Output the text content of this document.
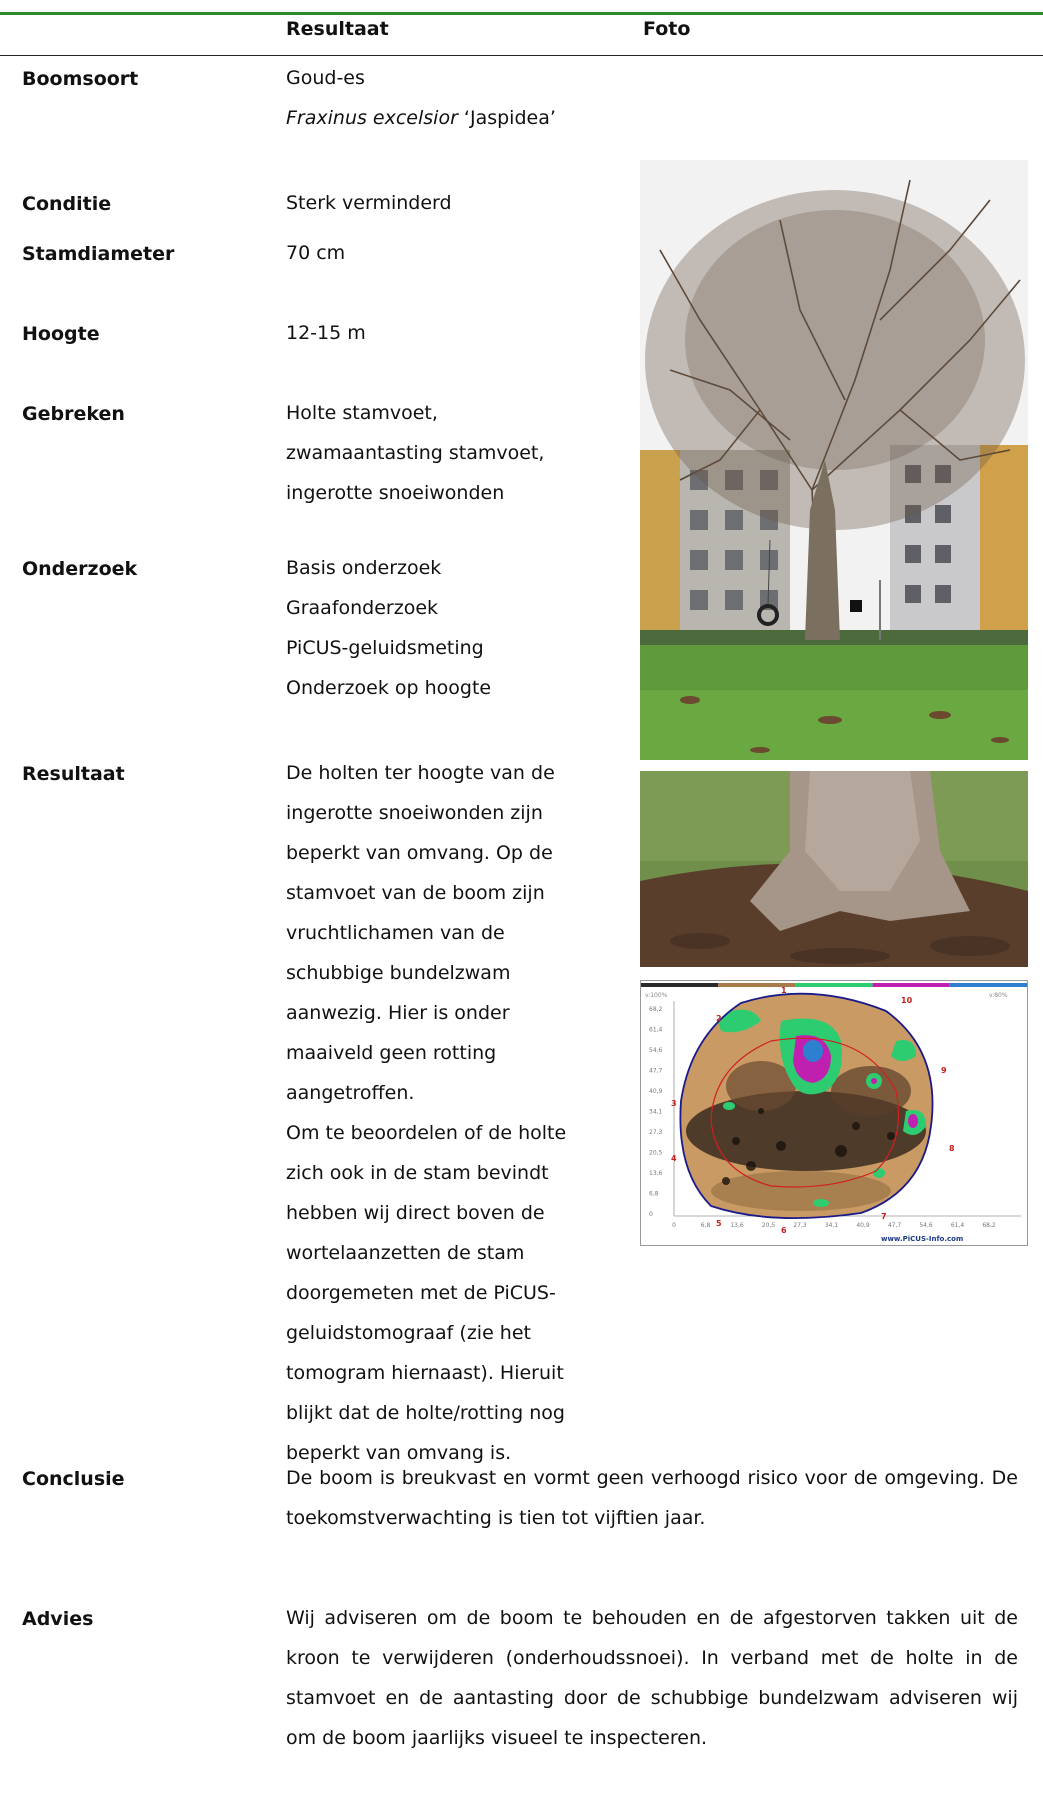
Resultaat	Foto
Boomsoort	Goud-es
Fraxinus excelsior ‘Jaspidea’
Conditie	Sterk verminderd
Stamdiameter	70 cm
Hoogte	12-15 m
Gebreken	Holte stamvoet,
zwamaantasting stamvoet,
ingerotte snoeiwonden
Onderzoek	Basis onderzoek
Graafonderzoek
PiCUS-geluidsmeting
Onderzoek op hoogte
Resultaat	De holten ter hoogte van de
ingerotte snoeiwonden zijn
beperkt van omvang. Op de
stamvoet van de boom zijn
vruchtlichamen van de
schubbige bundelzwam
aanwezig. Hier is onder
maaiveld geen rotting
aangetroffen.
Om te beoordelen of de holte
zich ook in de stam bevindt
hebben wij direct boven de
wortelaanzetten de stam
doorgemeten met de PiCUS-
geluidstomograaf (zie het
tomogram hiernaast). Hieruit
blijkt dat de holte/rotting nog
beperkt van omvang is.
Conclusie	De boom is breukvast en vormt geen verhoogd risico voor de omgeving. De toekomstverwachting is tien tot vijftien jaar.
Advies	Wij adviseren om de boom te behouden en de afgestorven takken uit de kroon te verwijderen (onderhoudssnoei). In verband met de holte in de stamvoet en de aantasting door de schubbige bundelzwam adviseren wij om de boom jaarlijks visueel te inspecteren.
v:100%	v:80%
68,2
61,4
54,6
47,7
40,9
34,1
27,3
20,5
13,6
6,8
0
0	6,8	13,6	20,5	27,3	34,1	40,9	47,7	54,6	61,4	68,2
1
2
3
4
5
6
7
8
9
10
www.PiCUS-Info.com
